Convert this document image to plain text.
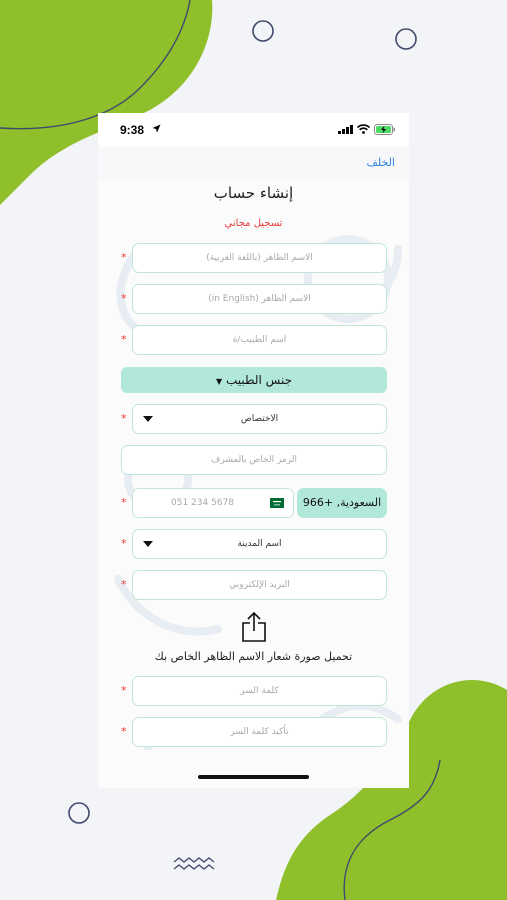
9:38
الخلف
إنشاء حساب
تسجيل مجاني
*	الاسم الظاهر (باللغة العربية)
*	الاسم الظاهر (in English)
*	اسم الطبيب/ة
جنس الطبيب ▼
*	الاختصاص
الرمز الخاص بالمشرف
*	051 234 5678	السعودية, +966
*	اسم المدينة
*	البريد الإلكتروني
تحميل صورة شعار الاسم الظاهر الخاص بك
*	كلمة السر
*	تأكيد كلمة السر
